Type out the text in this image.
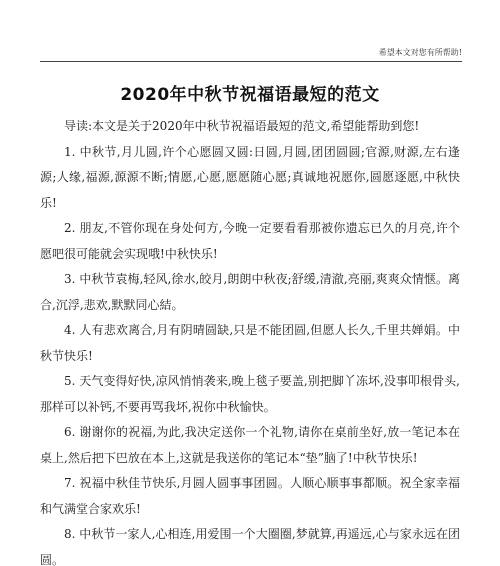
希望本文对您有所帮助!
2020年中秋节祝福语最短的范文

导读:本文是关于2020年中秋节祝福语最短的范文,希望能帮助到您!

1. 中秋节,月儿圆,许个心愿圆又圆:日圆,月圆,团团圆圆;官源,财源,左右逢源;人缘,福源,源源不断;情愿,心愿,愿愿随心愿;真诚地祝愿你,圆愿逐愿,中秋快乐!

2. 朋友,不管你现在身处何方,今晚一定要看看那被你遗忘已久的月亮,许个愿吧很可能就会实现哦!中秋快乐!

3. 中秋节袁梅,轻风,徐水,皎月,朗朗中秋夜;舒缓,清澈,亮丽,爽爽众情惬。离合,沉浮,悲欢,默默同心結。

4. 人有悲欢离合,月有阴晴圆缺,只是不能团圆,但愿人长久,千里共婵娟。中秋节快乐!

5. 天气变得好快,凉风悄悄袭来,晚上毯子要盖,别把脚丫冻坏,没事叩根骨头,那样可以补钙,不要再骂我坏,祝你中秋愉快。

6. 谢谢你的祝福,为此,我决定送你一个礼物,请你在桌前坐好,放一笔记本在桌上,然后把下巴放在本上,这就是我送你的笔记本“垫”脑了!中秋节快乐!

7. 祝福中秋佳节快乐,月圆人圆事事团圆。人顺心顺事事都顺。祝全家幸福和气满堂合家欢乐!

8. 中秋节一家人,心相连,用爱围一个大圈圈,梦就算,再遥远,心与家永远在团圆。
